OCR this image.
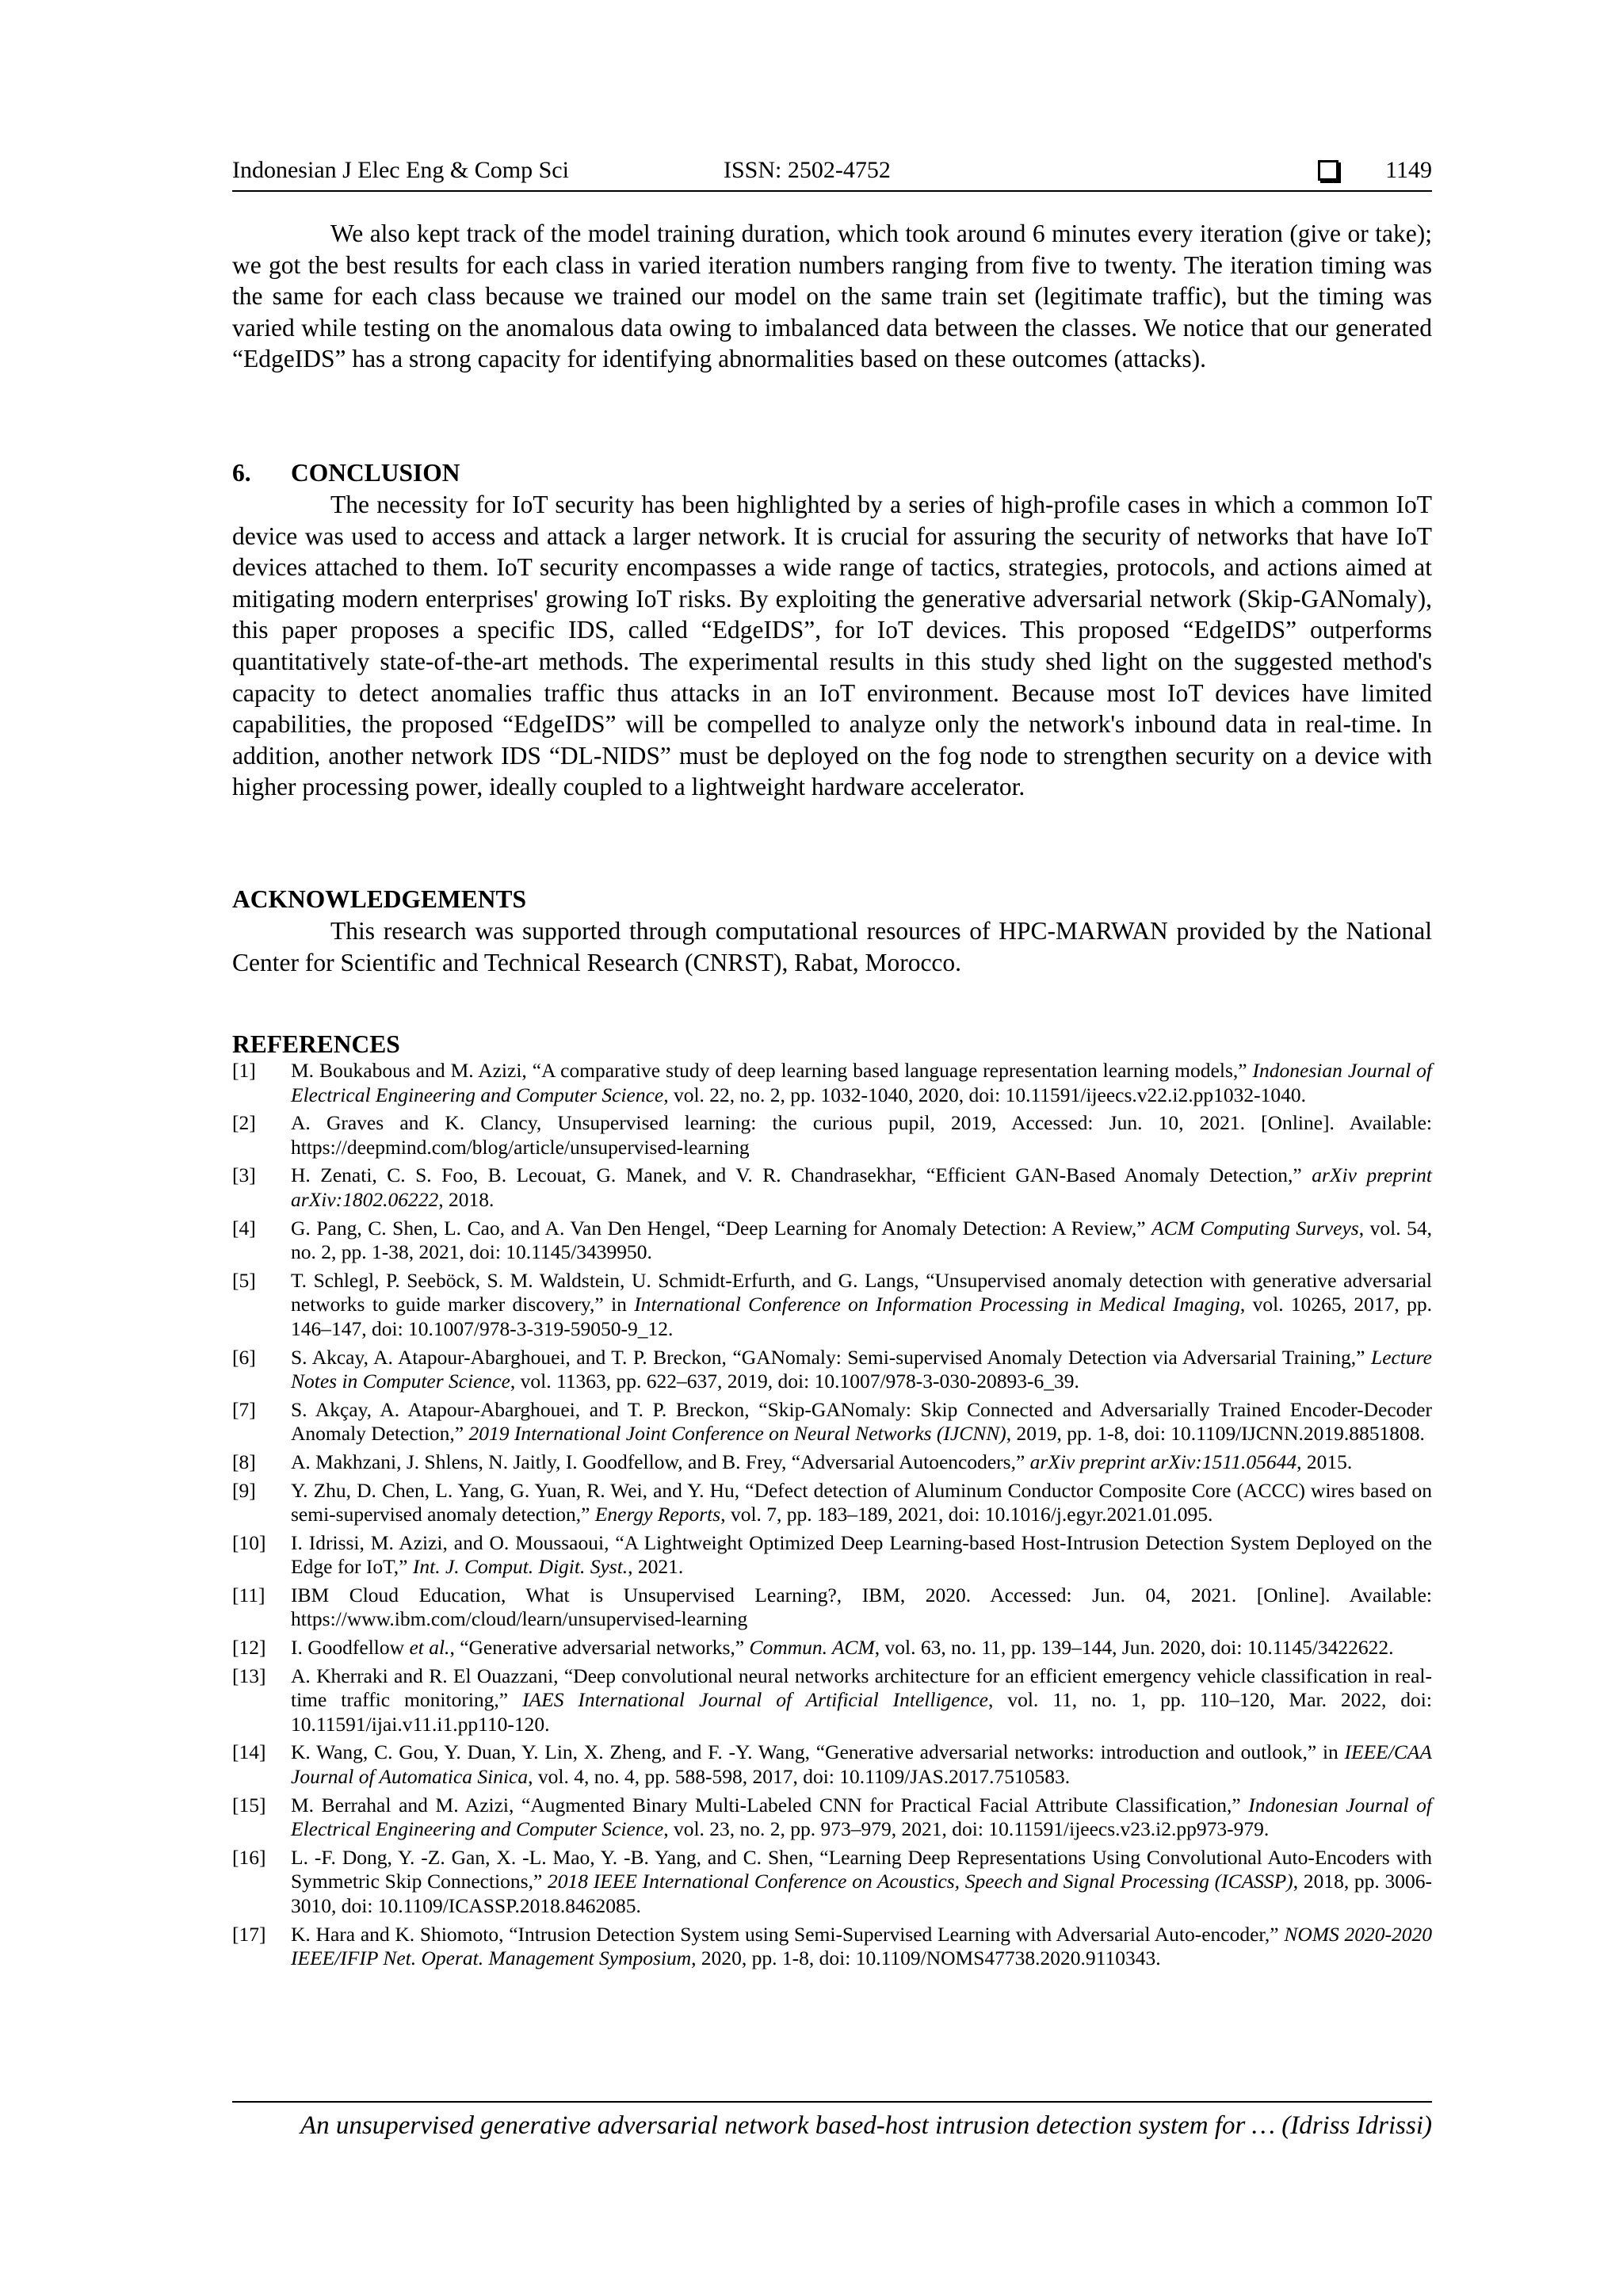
Indonesian J Elec Eng & Comp Sci	ISSN: 2502-4752	1149

We also kept track of the model training duration, which took around 6 minutes every iteration (give or take); we got the best results for each class in varied iteration numbers ranging from five to twenty. The iteration timing was the same for each class because we trained our model on the same train set (legitimate traffic), but the timing was varied while testing on the anomalous data owing to imbalanced data between the classes. We notice that our generated “EdgeIDS” has a strong capacity for identifying abnormalities based on these outcomes (attacks).

6. CONCLUSION

The necessity for IoT security has been highlighted by a series of high-profile cases in which a common IoT device was used to access and attack a larger network. It is crucial for assuring the security of networks that have IoT devices attached to them. IoT security encompasses a wide range of tactics, strategies, protocols, and actions aimed at mitigating modern enterprises' growing IoT risks. By exploiting the generative adversarial network (Skip-GANomaly), this paper proposes a specific IDS, called “EdgeIDS”, for IoT devices. This proposed “EdgeIDS” outperforms quantitatively state-of-the-art methods. The experimental results in this study shed light on the suggested method's capacity to detect anomalies traffic thus attacks in an IoT environment. Because most IoT devices have limited capabilities, the proposed “EdgeIDS” will be compelled to analyze only the network's inbound data in real-time. In addition, another network IDS “DL-NIDS” must be deployed on the fog node to strengthen security on a device with higher processing power, ideally coupled to a lightweight hardware accelerator.

ACKNOWLEDGEMENTS

This research was supported through computational resources of HPC-MARWAN provided by the National Center for Scientific and Technical Research (CNRST), Rabat, Morocco.

REFERENCES
[1] M. Boukabous and M. Azizi, “A comparative study of deep learning based language representation learning models,” Indonesian Journal of Electrical Engineering and Computer Science, vol. 22, no. 2, pp. 1032-1040, 2020, doi: 10.11591/ijeecs.v22.i2.pp1032-1040.
[2] A. Graves and K. Clancy, Unsupervised learning: the curious pupil, 2019, Accessed: Jun. 10, 2021. [Online]. Available: https://deepmind.com/blog/article/unsupervised-learning
[3] H. Zenati, C. S. Foo, B. Lecouat, G. Manek, and V. R. Chandrasekhar, “Efficient GAN-Based Anomaly Detection,” arXiv preprint arXiv:1802.06222, 2018.
[4] G. Pang, C. Shen, L. Cao, and A. Van Den Hengel, “Deep Learning for Anomaly Detection: A Review,” ACM Computing Surveys, vol. 54, no. 2, pp. 1-38, 2021, doi: 10.1145/3439950.
[5] T. Schlegl, P. Seeböck, S. M. Waldstein, U. Schmidt-Erfurth, and G. Langs, “Unsupervised anomaly detection with generative adversarial networks to guide marker discovery,” in International Conference on Information Processing in Medical Imaging, vol. 10265, 2017, pp. 146–147, doi: 10.1007/978-3-319-59050-9_12.
[6] S. Akcay, A. Atapour-Abarghouei, and T. P. Breckon, “GANomaly: Semi-supervised Anomaly Detection via Adversarial Training,” Lecture Notes in Computer Science, vol. 11363, pp. 622–637, 2019, doi: 10.1007/978-3-030-20893-6_39.
[7] S. Akçay, A. Atapour-Abarghouei, and T. P. Breckon, “Skip-GANomaly: Skip Connected and Adversarially Trained Encoder-Decoder Anomaly Detection,” 2019 International Joint Conference on Neural Networks (IJCNN), 2019, pp. 1-8, doi: 10.1109/IJCNN.2019.8851808.
[8] A. Makhzani, J. Shlens, N. Jaitly, I. Goodfellow, and B. Frey, “Adversarial Autoencoders,” arXiv preprint arXiv:1511.05644, 2015.
[9] Y. Zhu, D. Chen, L. Yang, G. Yuan, R. Wei, and Y. Hu, “Defect detection of Aluminum Conductor Composite Core (ACCC) wires based on semi-supervised anomaly detection,” Energy Reports, vol. 7, pp. 183–189, 2021, doi: 10.1016/j.egyr.2021.01.095.
[10] I. Idrissi, M. Azizi, and O. Moussaoui, “A Lightweight Optimized Deep Learning-based Host-Intrusion Detection System Deployed on the Edge for IoT,” Int. J. Comput. Digit. Syst., 2021.
[11] IBM Cloud Education, What is Unsupervised Learning?, IBM, 2020. Accessed: Jun. 04, 2021. [Online]. Available: https://www.ibm.com/cloud/learn/unsupervised-learning
[12] I. Goodfellow et al., “Generative adversarial networks,” Commun. ACM, vol. 63, no. 11, pp. 139–144, Jun. 2020, doi: 10.1145/3422622.
[13] A. Kherraki and R. El Ouazzani, “Deep convolutional neural networks architecture for an efficient emergency vehicle classification in real-time traffic monitoring,” IAES International Journal of Artificial Intelligence, vol. 11, no. 1, pp. 110–120, Mar. 2022, doi: 10.11591/ijai.v11.i1.pp110-120.
[14] K. Wang, C. Gou, Y. Duan, Y. Lin, X. Zheng, and F. -Y. Wang, “Generative adversarial networks: introduction and outlook,” in IEEE/CAA Journal of Automatica Sinica, vol. 4, no. 4, pp. 588-598, 2017, doi: 10.1109/JAS.2017.7510583.
[15] M. Berrahal and M. Azizi, “Augmented Binary Multi-Labeled CNN for Practical Facial Attribute Classification,” Indonesian Journal of Electrical Engineering and Computer Science, vol. 23, no. 2, pp. 973–979, 2021, doi: 10.11591/ijeecs.v23.i2.pp973-979.
[16] L. -F. Dong, Y. -Z. Gan, X. -L. Mao, Y. -B. Yang, and C. Shen, “Learning Deep Representations Using Convolutional Auto-Encoders with Symmetric Skip Connections,” 2018 IEEE International Conference on Acoustics, Speech and Signal Processing (ICASSP), 2018, pp. 3006-3010, doi: 10.1109/ICASSP.2018.8462085.
[17] K. Hara and K. Shiomoto, “Intrusion Detection System using Semi-Supervised Learning with Adversarial Auto-encoder,” NOMS 2020-2020 IEEE/IFIP Net. Operat. Management Symposium, 2020, pp. 1-8, doi: 10.1109/NOMS47738.2020.9110343.
An unsupervised generative adversarial network based-host intrusion detection system for … (Idriss Idrissi)
